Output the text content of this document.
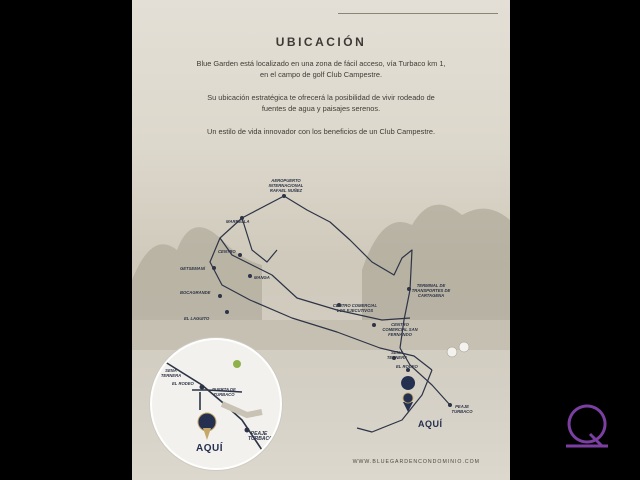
UBICACIÓN
Blue Garden está localizado en una zona de fácil acceso, vía Turbaco km 1, en el campo de golf Club Campestre.
Su ubicación estratégica te ofrecerá la posibilidad de vivir rodeado de fuentes de agua y paisajes serenos.
Un estilo de vida innovador con los beneficios de un Club Campestre.
AEROPUERTO INTERNACIONAL RAFAEL NUÑEZ
MARBELLA
CENTRO
GETSEMANÍ
MANGA
BOCAGRANDE
EL LAGUITO
TERMINAL DE TRANSPORTES DE CARTAGENA
CENTRO COMERCIAL LOS EJECUTIVOS
CENTRO COMERCIAL SAN FERNANDO
SENA TERNERA
EL RODEO
PEAJE TURBACO
AQUÍ
SENA TERNERA
EL RODEO
PUERTA DE TURBACO
PEAJE TURBACO
AQUÍ
WWW.BLUEGARDENCONDOMINIO.COM
